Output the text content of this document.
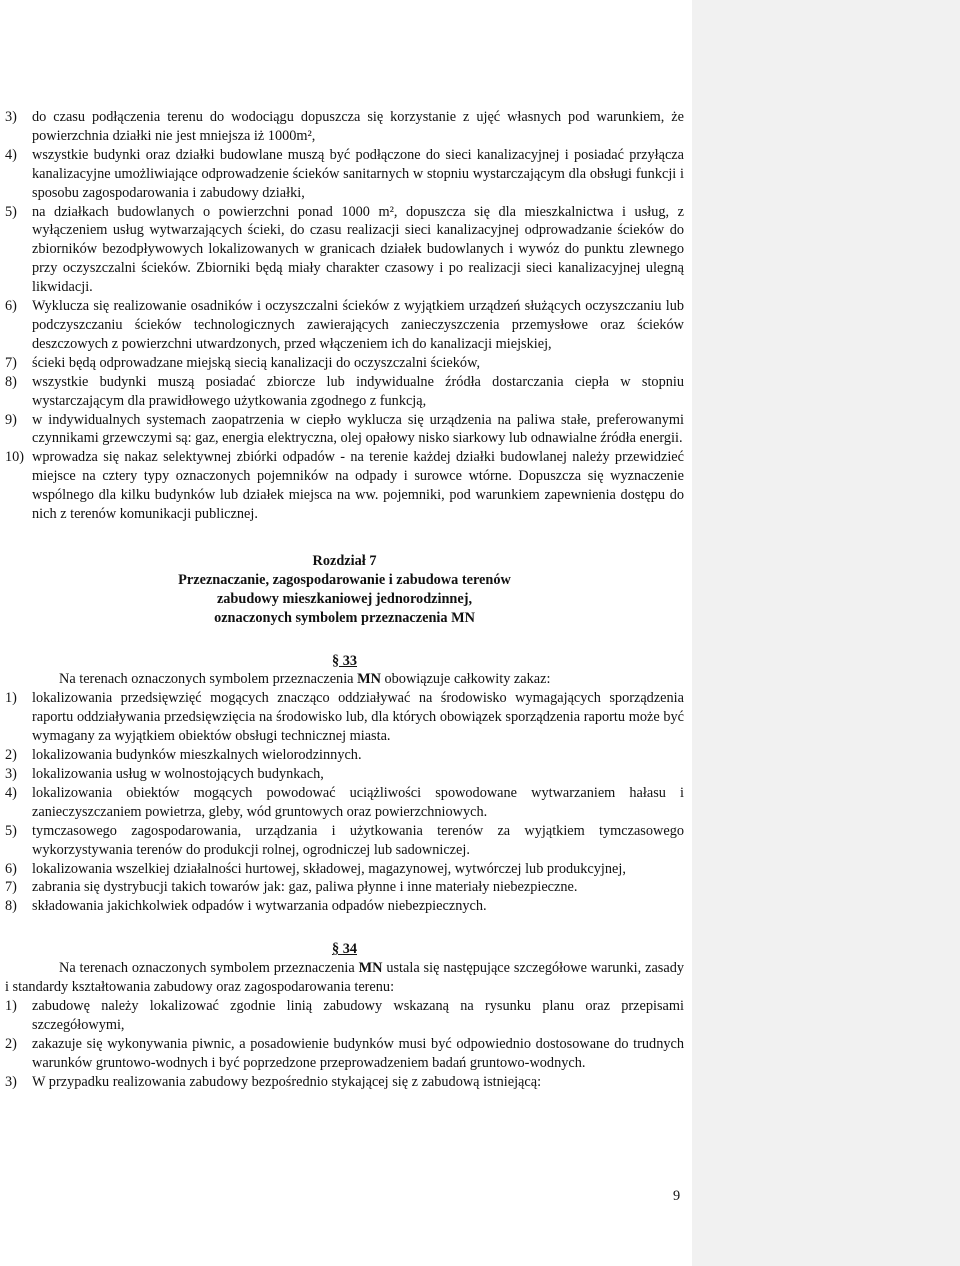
3) do czasu podłączenia terenu do wodociągu dopuszcza się korzystanie z ujęć własnych pod warunkiem, że powierzchnia działki nie jest mniejsza iż 1000m²,
4) wszystkie budynki oraz działki budowlane muszą być podłączone do sieci kanalizacyjnej i posiadać przyłącza kanalizacyjne umożliwiające odprowadzenie ścieków sanitarnych w stopniu wystarczającym dla obsługi funkcji i sposobu zagospodarowania i zabudowy działki,
5) na działkach budowlanych o powierzchni ponad 1000 m², dopuszcza się dla mieszkalnictwa i usług, z wyłączeniem usług wytwarzających ścieki, do czasu realizacji sieci kanalizacyjnej odprowadzanie ścieków do zbiorników bezodpływowych lokalizowanych w granicach działek budowlanych i wywóz do punktu zlewnego przy oczyszczalni ścieków. Zbiorniki będą miały charakter czasowy i po realizacji sieci kanalizacyjnej ulegną likwidacji.
6) Wyklucza się realizowanie osadników i oczyszczalni ścieków z wyjątkiem urządzeń służących oczyszczaniu lub podczyszczaniu ścieków technologicznych zawierających zanieczyszczenia przemysłowe oraz ścieków deszczowych z powierzchni utwardzonych, przed włączeniem ich do kanalizacji miejskiej,
7) ścieki będą odprowadzane miejską siecią kanalizacji do oczyszczalni ścieków,
8) wszystkie budynki muszą posiadać zbiorcze lub indywidualne źródła dostarczania ciepła w stopniu wystarczającym dla prawidłowego użytkowania zgodnego z funkcją,
9) w indywidualnych systemach zaopatrzenia w ciepło wyklucza się urządzenia na paliwa stałe, preferowanymi czynnikami grzewczymi są: gaz, energia elektryczna, olej opałowy nisko siarkowy lub odnawialne źródła energii.
10) wprowadza się nakaz selektywnej zbiórki odpadów - na terenie każdej działki budowlanej należy przewidzieć miejsce na cztery typy oznaczonych pojemników na odpady i surowce wtórne. Dopuszcza się wyznaczenie wspólnego dla kilku budynków lub działek miejsca na ww. pojemniki, pod warunkiem zapewnienia dostępu do nich z terenów komunikacji publicznej.

Rozdział 7

Przeznaczanie, zagospodarowanie i zabudowa terenów

zabudowy mieszkaniowej jednorodzinnej,

oznaczonych symbolem przeznaczenia MN

§ 33

Na terenach oznaczonych symbolem przeznaczenia MN obowiązuje całkowity zakaz:

1) lokalizowania przedsięwzięć mogących znacząco oddziaływać na środowisko wymagających sporządzenia raportu oddziaływania przedsięwzięcia na środowisko lub, dla których obowiązek sporządzenia raportu może być wymagany za wyjątkiem obiektów obsługi technicznej miasta.
2) lokalizowania budynków mieszkalnych wielorodzinnych.
3) lokalizowania usług w wolnostojących budynkach,
4) lokalizowania obiektów mogących powodować uciążliwości spowodowane wytwarzaniem hałasu i zanieczyszczaniem powietrza, gleby, wód gruntowych oraz powierzchniowych.
5) tymczasowego zagospodarowania, urządzania i użytkowania terenów za wyjątkiem tymczasowego wykorzystywania terenów do produkcji rolnej, ogrodniczej lub sadowniczej.
6) lokalizowania wszelkiej działalności hurtowej, składowej, magazynowej, wytwórczej lub produkcyjnej,
7) zabrania się dystrybucji takich towarów jak: gaz, paliwa płynne i inne materiały niebezpieczne.
8) składowania jakichkolwiek odpadów i wytwarzania odpadów niebezpiecznych.

§ 34

Na terenach oznaczonych symbolem przeznaczenia MN ustala się następujące szczegółowe warunki, zasady i standardy kształtowania zabudowy oraz zagospodarowania terenu:

1) zabudowę należy lokalizować zgodnie linią zabudowy wskazaną na rysunku planu oraz przepisami szczegółowymi,
2) zakazuje się wykonywania piwnic, a posadowienie budynków musi być odpowiednio dostosowane do trudnych warunków gruntowo-wodnych i być poprzedzone przeprowadzeniem badań gruntowo-wodnych.
3) W przypadku realizowania zabudowy bezpośrednio stykającej się z zabudową istniejącą:
9
